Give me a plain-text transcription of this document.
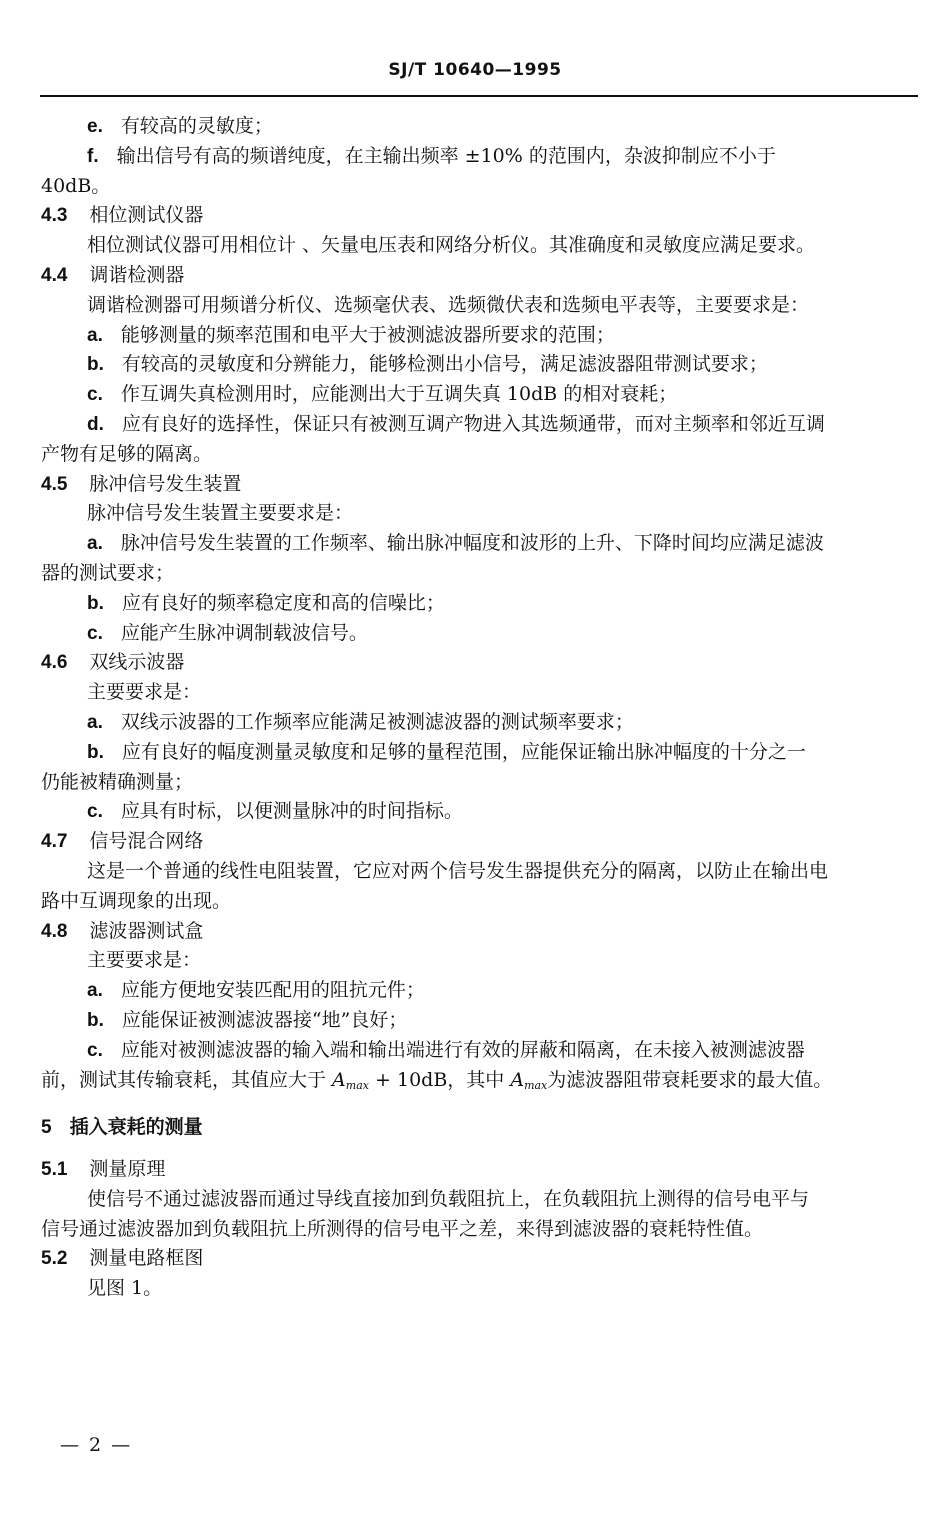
SJ/T 10640—1995
e. 有较高的灵敏度；
f. 输出信号有高的频谱纯度，在主输出频率 ±10% 的范围内，杂波抑制应不小于
40dB。
4.3 相位测试仪器
相位测试仪器可用相位计 、矢量电压表和网络分析仪。其准确度和灵敏度应满足要求。
4.4 调谐检测器
调谐检测器可用频谱分析仪、选频毫伏表、选频微伏表和选频电平表等，主要要求是：
a. 能够测量的频率范围和电平大于被测滤波器所要求的范围；
b. 有较高的灵敏度和分辨能力，能够检测出小信号，满足滤波器阻带测试要求；
c. 作互调失真检测用时，应能测出大于互调失真 10dB 的相对衰耗；
d. 应有良好的选择性，保证只有被测互调产物进入其选频通带，而对主频率和邻近互调
产物有足够的隔离。
4.5 脉冲信号发生装置
脉冲信号发生装置主要要求是：
a. 脉冲信号发生装置的工作频率、输出脉冲幅度和波形的上升、下降时间均应满足滤波
器的测试要求；
b. 应有良好的频率稳定度和高的信噪比；
c. 应能产生脉冲调制载波信号。
4.6 双线示波器
主要要求是：
a. 双线示波器的工作频率应能满足被测滤波器的测试频率要求；
b. 应有良好的幅度测量灵敏度和足够的量程范围，应能保证输出脉冲幅度的十分之一
仍能被精确测量；
c. 应具有时标，以便测量脉冲的时间指标。
4.7 信号混合网络
这是一个普通的线性电阻装置，它应对两个信号发生器提供充分的隔离，以防止在输出电
路中互调现象的出现。
4.8 滤波器测试盒
主要要求是：
a. 应能方便地安装匹配用的阻抗元件；
b. 应能保证被测滤波器接“地”良好；
c. 应能对被测滤波器的输入端和输出端进行有效的屏蔽和隔离，在未接入被测滤波器
前，测试其传输衰耗，其值应大于 $A_{max} + 10dB$，其中 $A_{max}$为滤波器阻带衰耗要求的最大值。
5 插入衰耗的测量
5.1 测量原理
使信号不通过滤波器而通过导线直接加到负载阻抗上，在负载阻抗上测得的信号电平与
信号通过滤波器加到负载阻抗上所测得的信号电平之差，来得到滤波器的衰耗特性值。
5.2 测量电路框图
见图 1。
— 2 —
